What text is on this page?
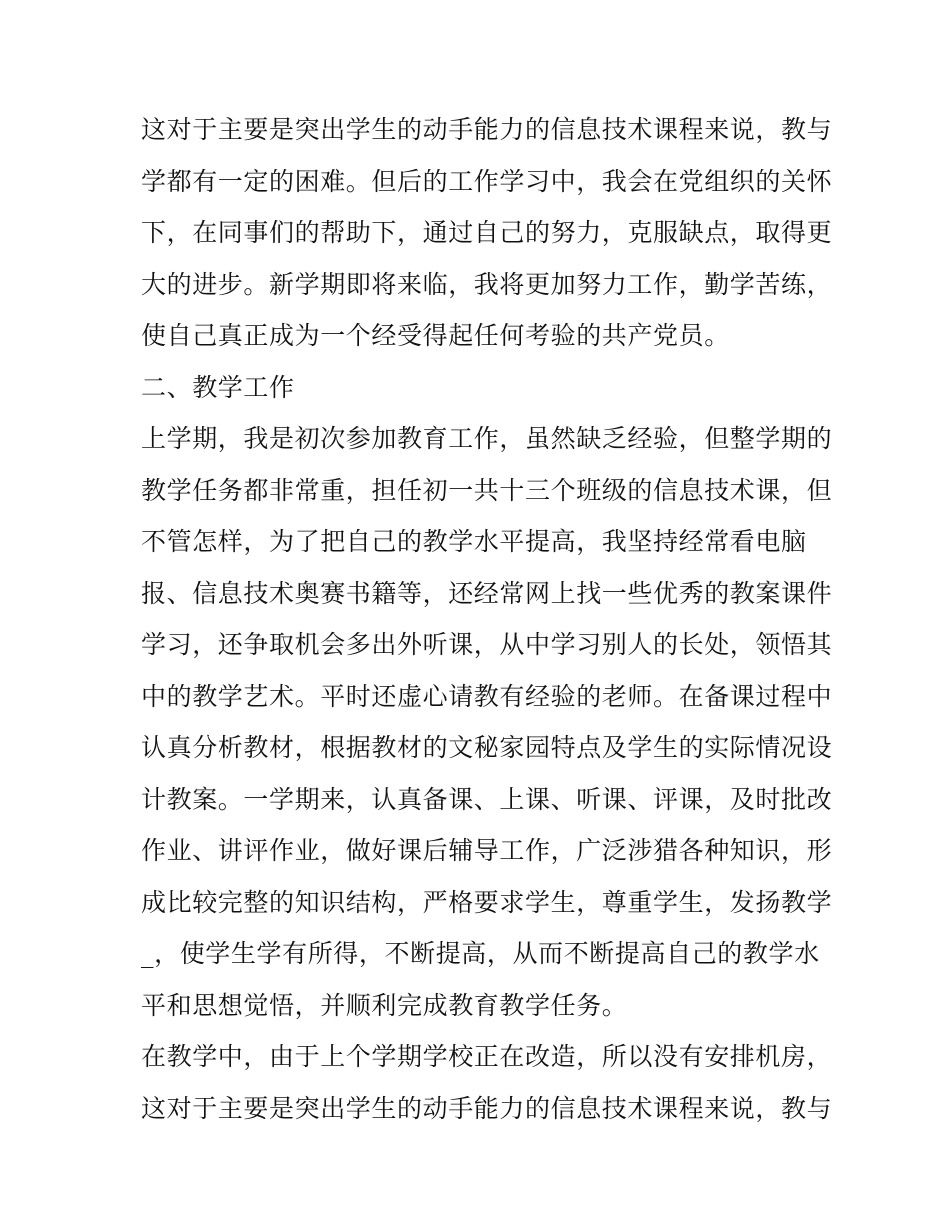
这对于主要是突出学生的动手能力的信息技术课程来说，教与
学都有一定的困难。但后的工作学习中，我会在党组织的关怀
下，在同事们的帮助下，通过自己的努力，克服缺点，取得更
大的进步。新学期即将来临，我将更加努力工作，勤学苦练，
使自己真正成为一个经受得起任何考验的共产党员。
二、教学工作
上学期，我是初次参加教育工作，虽然缺乏经验，但整学期的
教学任务都非常重，担任初一共十三个班级的信息技术课，但
不管怎样，为了把自己的教学水平提高，我坚持经常看电脑
报、信息技术奥赛书籍等，还经常网上找一些优秀的教案课件
学习，还争取机会多出外听课，从中学习别人的长处，领悟其
中的教学艺术。平时还虚心请教有经验的老师。在备课过程中
认真分析教材，根据教材的文秘家园特点及学生的实际情况设
计教案。一学期来，认真备课、上课、听课、评课，及时批改
作业、讲评作业，做好课后辅导工作，广泛涉猎各种知识，形
成比较完整的知识结构，严格要求学生，尊重学生，发扬教学
_，使学生学有所得，不断提高，从而不断提高自己的教学水
平和思想觉悟，并顺利完成教育教学任务。
在教学中，由于上个学期学校正在改造，所以没有安排机房，
这对于主要是突出学生的动手能力的信息技术课程来说，教与
